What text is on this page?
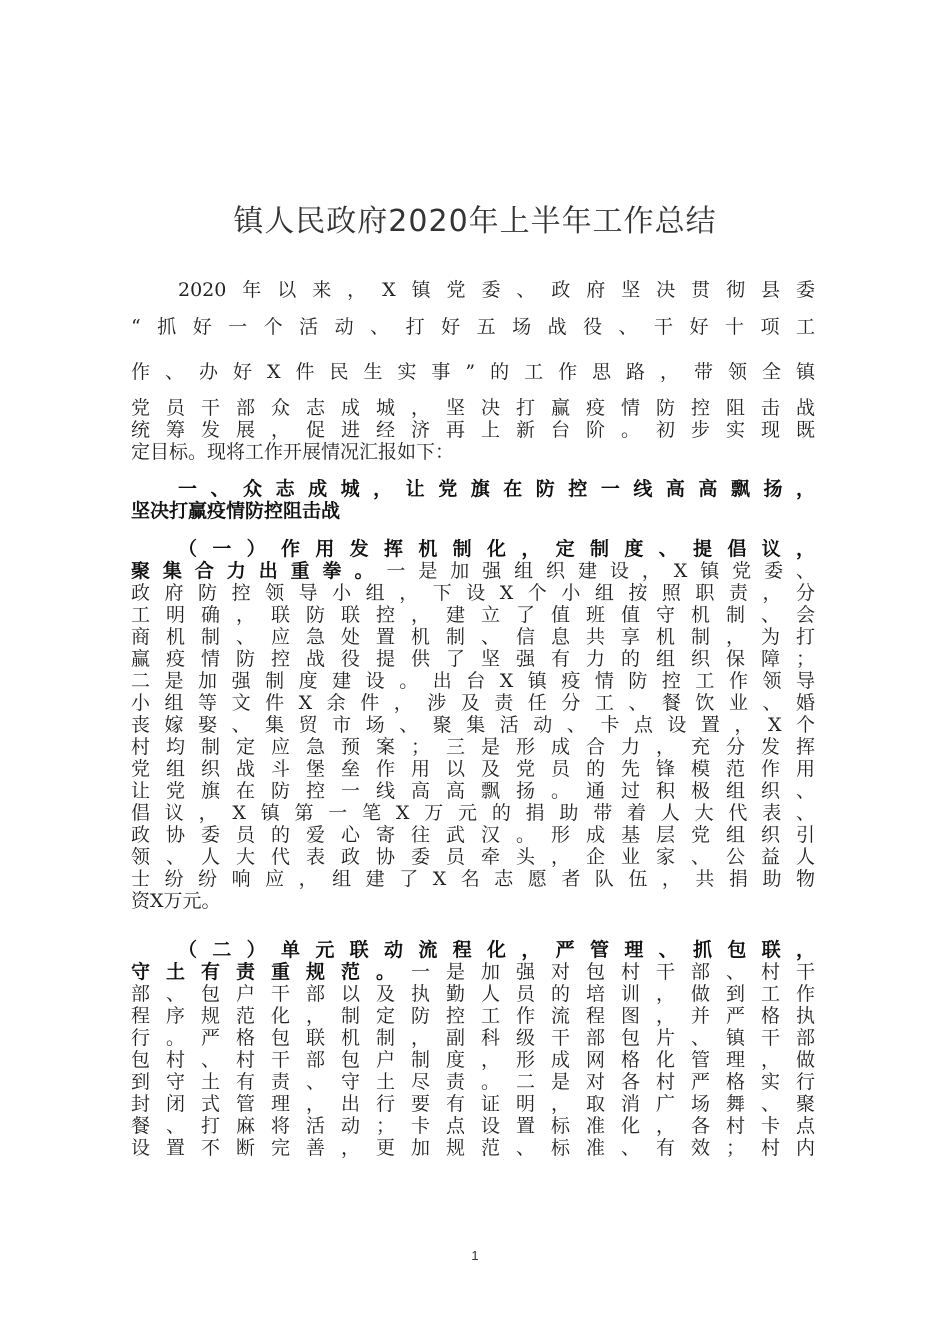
镇人民政府2020年上半年工作总结
2020年以来，X镇党委、政府坚决贯彻县委
“抓好一个活动、打好五场战役、干好十项工
作、办好X件民生实事”的工作思路，带领全镇
党员干部众志成城，坚决打赢疫情防控阻击战
统筹发展，促进经济再上新台阶。初步实现既
定目标。现将工作开展情况汇报如下：
一、众志成城，让党旗在防控一线高高飘扬，
坚决打赢疫情防控阻击战
（一）作用发挥机制化，定制度、提倡议，
聚集合力出重拳。一是加强组织建设，X镇党委、
政府防控领导小组，下设X个小组按照职责，分
工明确，联防联控，建立了值班值守机制、会
商机制、应急处置机制、信息共享机制，为打
赢疫情防控战役提供了坚强有力的组织保障；
二是加强制度建设。出台X镇疫情防控工作领导
小组等文件X余件，涉及责任分工、餐饮业、婚
丧嫁娶、集贸市场、聚集活动、卡点设置，X个
村均制定应急预案；三是形成合力，充分发挥
党组织战斗堡垒作用以及党员的先锋模范作用
让党旗在防控一线高高飘扬。通过积极组织、
倡议，X镇第一笔X万元的捐助带着人大代表、
政协委员的爱心寄往武汉。形成基层党组织引
领、人大代表政协委员牵头，企业家、公益人
士纷纷响应，组建了X名志愿者队伍，共捐助物
资X万元。
（二）单元联动流程化，严管理、抓包联，
守土有责重规范。一是加强对包村干部、村干
部、包户干部以及执勤人员的培训，做到工作
程序规范化，制定防控工作流程图，并严格执
行。严格包联机制，副科级干部包片、镇干部
包村、村干部包户制度，形成网格化管理，做
到守土有责、守土尽责。二是对各村严格实行
封闭式管理，出行要有证明，取消广场舞、聚
餐、打麻将活动；卡点设置标准化，各村卡点
设置不断完善，更加规范、标准、有效；村内
1
